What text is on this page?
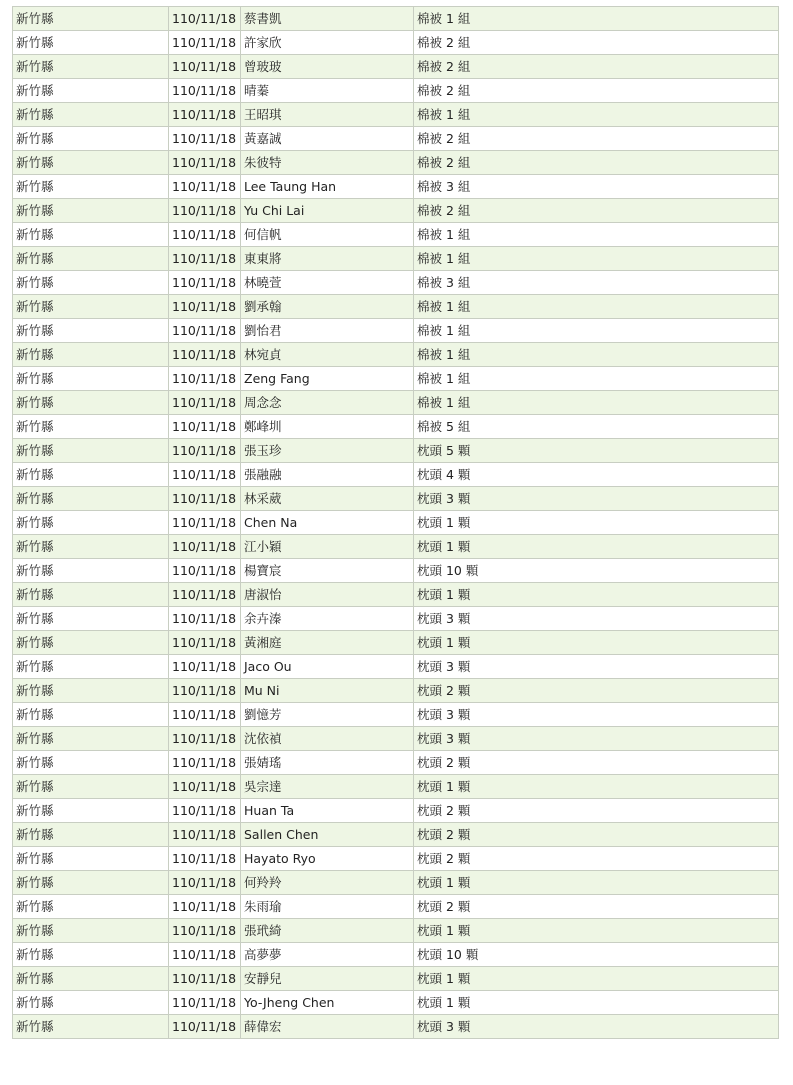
新竹縣	110/11/18	蔡書凱	棉被 1 組
新竹縣	110/11/18	許家欣	棉被 2 組
新竹縣	110/11/18	曾玻玻	棉被 2 組
新竹縣	110/11/18	晴蓁	棉被 2 組
新竹縣	110/11/18	王昭琪	棉被 1 組
新竹縣	110/11/18	黃嘉誠	棉被 2 組
新竹縣	110/11/18	朱彼特	棉被 2 組
新竹縣	110/11/18	Lee Taung Han	棉被 3 組
新竹縣	110/11/18	Yu Chi Lai	棉被 2 組
新竹縣	110/11/18	何信帆	棉被 1 組
新竹縣	110/11/18	東東將	棉被 1 組
新竹縣	110/11/18	林曉萱	棉被 3 組
新竹縣	110/11/18	劉承翰	棉被 1 組
新竹縣	110/11/18	劉怡君	棉被 1 組
新竹縣	110/11/18	林宛貞	棉被 1 組
新竹縣	110/11/18	Zeng Fang	棉被 1 組
新竹縣	110/11/18	周念念	棉被 1 組
新竹縣	110/11/18	鄭峰圳	棉被 5 組
新竹縣	110/11/18	張玉珍	枕頭 5 顆
新竹縣	110/11/18	張融融	枕頭 4 顆
新竹縣	110/11/18	林采葳	枕頭 3 顆
新竹縣	110/11/18	Chen Na	枕頭 1 顆
新竹縣	110/11/18	江小穎	枕頭 1 顆
新竹縣	110/11/18	楊寶宸	枕頭 10 顆
新竹縣	110/11/18	唐淑怡	枕頭 1 顆
新竹縣	110/11/18	余卉溱	枕頭 3 顆
新竹縣	110/11/18	黃湘庭	枕頭 1 顆
新竹縣	110/11/18	Jaco Ou	枕頭 3 顆
新竹縣	110/11/18	Mu Ni	枕頭 2 顆
新竹縣	110/11/18	劉憶芳	枕頭 3 顆
新竹縣	110/11/18	沈依禎	枕頭 3 顆
新竹縣	110/11/18	張婧瑤	枕頭 2 顆
新竹縣	110/11/18	吳宗達	枕頭 1 顆
新竹縣	110/11/18	Huan Ta	枕頭 2 顆
新竹縣	110/11/18	Sallen Chen	枕頭 2 顆
新竹縣	110/11/18	Hayato Ryo	枕頭 2 顆
新竹縣	110/11/18	何羚羚	枕頭 1 顆
新竹縣	110/11/18	朱雨瑜	枕頭 2 顆
新竹縣	110/11/18	張玳綺	枕頭 1 顆
新竹縣	110/11/18	高夢夢	枕頭 10 顆
新竹縣	110/11/18	安靜兒	枕頭 1 顆
新竹縣	110/11/18	Yo-Jheng Chen	枕頭 1 顆
新竹縣	110/11/18	薛偉宏	枕頭 3 顆
